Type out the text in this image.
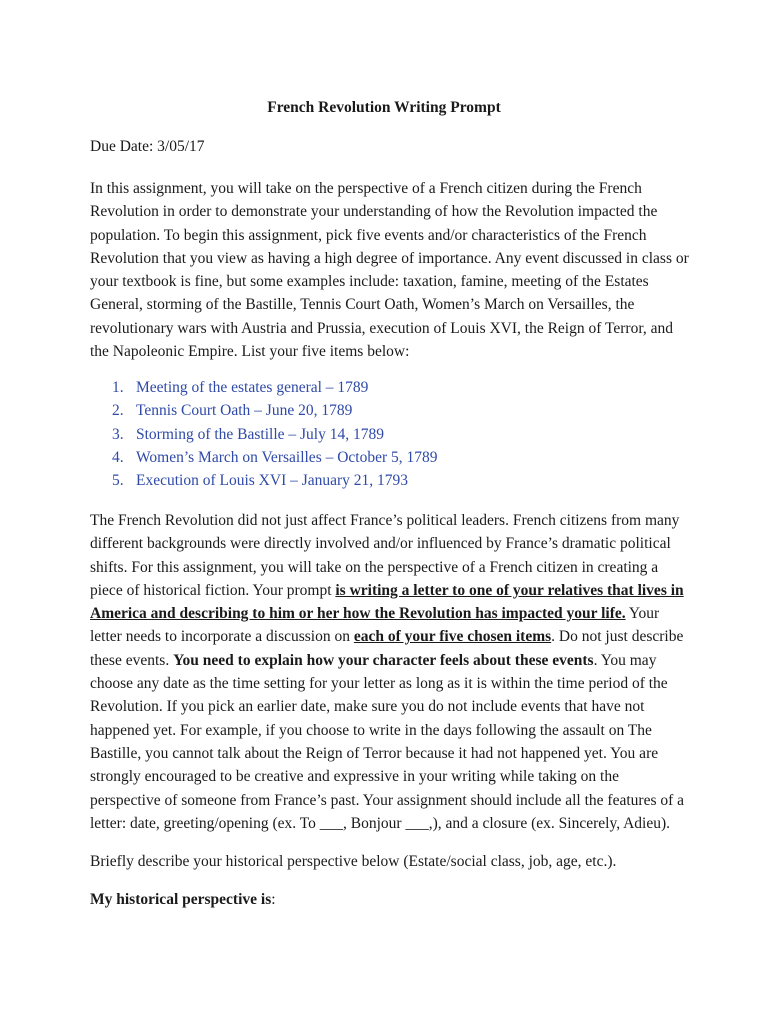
French Revolution Writing Prompt
Due Date: 3/05/17
In this assignment, you will take on the perspective of a French citizen during the French Revolution in order to demonstrate your understanding of how the Revolution impacted the population. To begin this assignment, pick five events and/or characteristics of the French Revolution that you view as having a high degree of importance. Any event discussed in class or your textbook is fine, but some examples include: taxation, famine, meeting of the Estates General, storming of the Bastille, Tennis Court Oath, Women’s March on Versailles, the revolutionary wars with Austria and Prussia, execution of Louis XVI, the Reign of Terror, and the Napoleonic Empire. List your five items below:
1. Meeting of the estates general – 1789
2. Tennis Court Oath – June 20, 1789
3. Storming of the Bastille – July 14, 1789
4. Women’s March on Versailles – October 5, 1789
5. Execution of Louis XVI – January 21, 1793
The French Revolution did not just affect France’s political leaders. French citizens from many different backgrounds were directly involved and/or influenced by France’s dramatic political shifts. For this assignment, you will take on the perspective of a French citizen in creating a piece of historical fiction. Your prompt is writing a letter to one of your relatives that lives in America and describing to him or her how the Revolution has impacted your life. Your letter needs to incorporate a discussion on each of your five chosen items. Do not just describe these events. You need to explain how your character feels about these events. You may choose any date as the time setting for your letter as long as it is within the time period of the Revolution. If you pick an earlier date, make sure you do not include events that have not happened yet. For example, if you choose to write in the days following the assault on The Bastille, you cannot talk about the Reign of Terror because it had not happened yet. You are strongly encouraged to be creative and expressive in your writing while taking on the perspective of someone from France’s past. Your assignment should include all the features of a letter: date, greeting/opening (ex. To ___, Bonjour ___,), and a closure (ex. Sincerely, Adieu).
Briefly describe your historical perspective below (Estate/social class, job, age, etc.).
My historical perspective is:
